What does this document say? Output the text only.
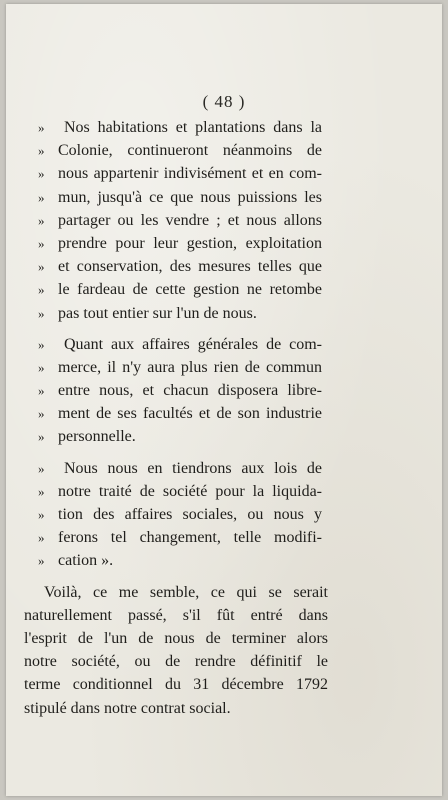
( 48 )
»	Nos habitations et plantations dans la
» Colonie, continueront néanmoins de
» nous appartenir indivisément et en com-
» mun, jusqu'à ce que nous puissions les
» partager ou les vendre ; et nous allons
» prendre pour leur gestion, exploitation
» et conservation, des mesures telles que
» le fardeau de cette gestion ne retombe
» pas tout entier sur l'un de nous.
»	Quant aux affaires générales de com-
» merce, il n'y aura plus rien de commun
» entre nous, et chacun disposera libre-
» ment de ses facultés et de son industrie
» personnelle.
»	Nous nous en tiendrons aux lois de
» notre traité de société pour la liquida-
» tion des affaires sociales, ou nous y
» ferons tel changement, telle modifi-
» cation ».
Voilà, ce me semble, ce qui se serait
naturellement passé, s'il fût entré dans
l'esprit de l'un de nous de terminer alors
notre société, ou de rendre définitif le
terme conditionnel du 31 décembre 1792
stipulé dans notre contrat social.
